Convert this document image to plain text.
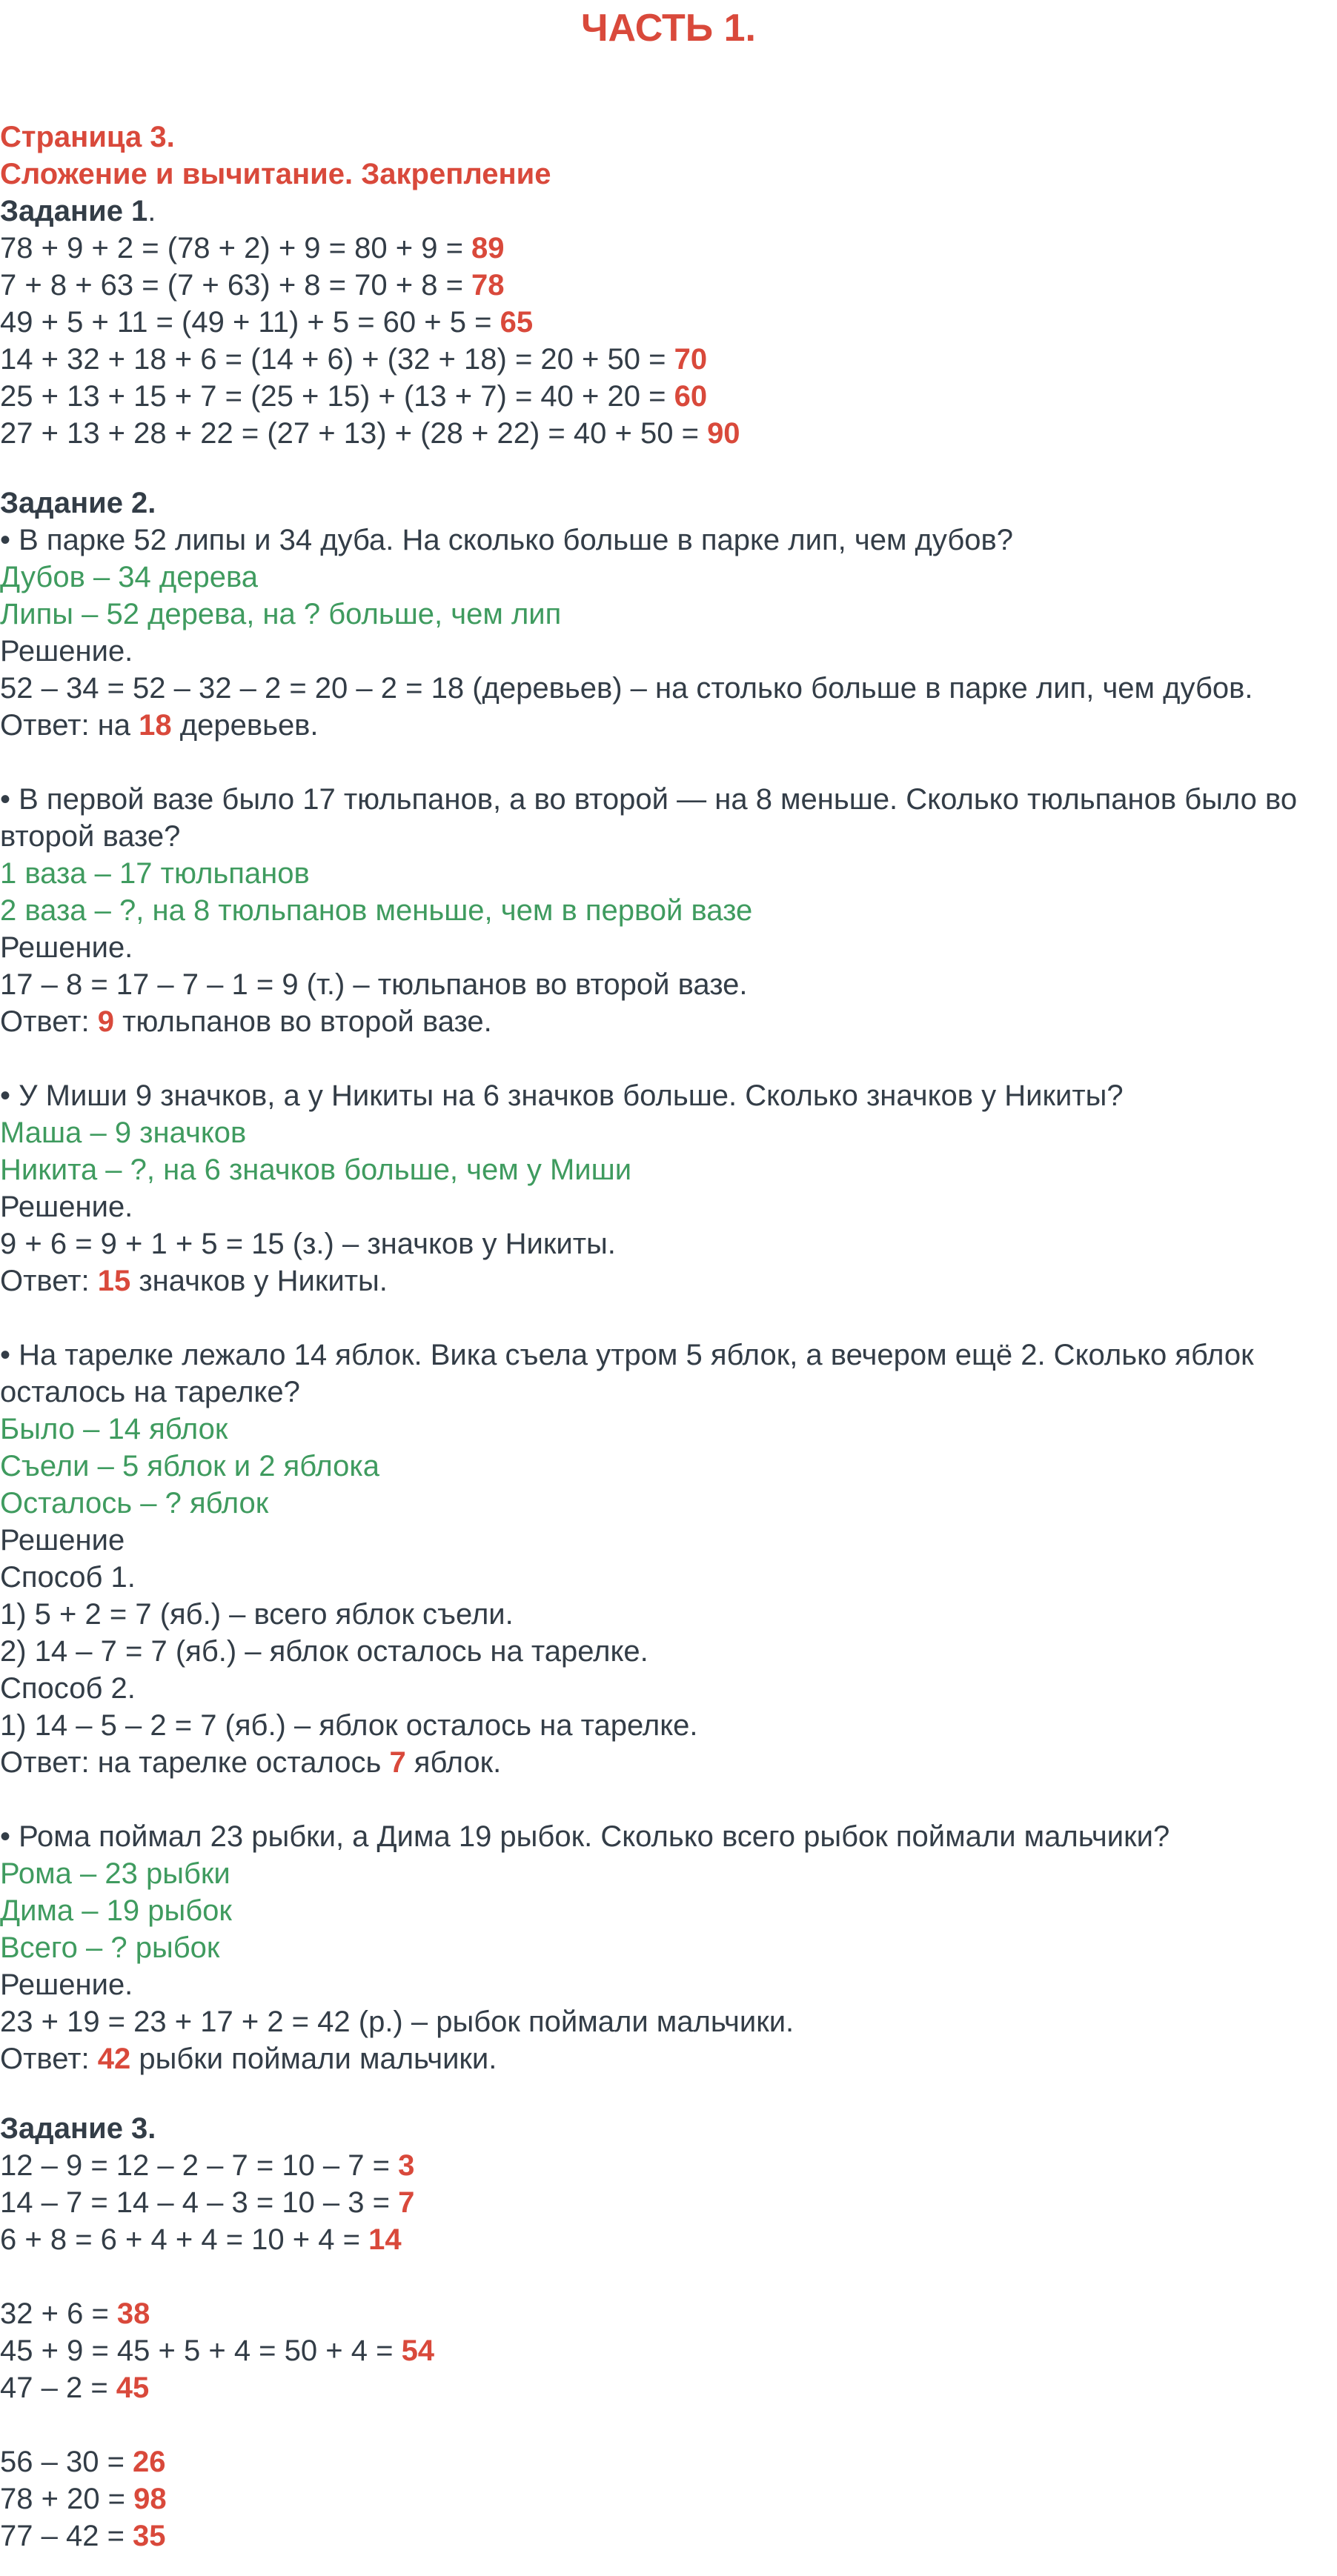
ЧАСТЬ 1.
Страница 3.
Сложение и вычитание. Закрепление
Задание 1.
78 + 9 + 2 = (78 + 2) + 9 = 80 + 9 = 89
7 + 8 + 63 = (7 + 63) + 8 = 70 + 8 = 78
49 + 5 + 11 = (49 + 11) + 5 = 60 + 5 = 65
14 + 32 + 18 + 6 = (14 + 6) + (32 + 18) = 20 + 50 = 70
25 + 13 + 15 + 7 = (25 + 15) + (13 + 7) = 40 + 20 = 60
27 + 13 + 28 + 22 = (27 + 13) + (28 + 22) = 40 + 50 = 90
Задание 2.
• В парке 52 липы и 34 дуба. На сколько больше в парке лип, чем дубов?
Дубов – 34 дерева
Липы – 52 дерева, на ? больше, чем лип
Решение.
52 – 34 = 52 – 32 – 2 = 20 – 2 = 18 (деревьев) – на столько больше в парке лип, чем дубов.
Ответ: на 18 деревьев.
• В первой вазе было 17 тюльпанов, а во второй — на 8 меньше. Сколько тюльпанов было во второй вазе?
1 ваза – 17 тюльпанов
2 ваза – ?, на 8 тюльпанов меньше, чем в первой вазе
Решение.
17 – 8 = 17 – 7 – 1 = 9 (т.) – тюльпанов во второй вазе.
Ответ: 9 тюльпанов во второй вазе.
• У Миши 9 значков, а у Никиты на 6 значков больше. Сколько значков у Никиты?
Маша – 9 значков
Никита – ?, на 6 значков больше, чем у Миши
Решение.
9 + 6 = 9 + 1 + 5 = 15 (з.) – значков у Никиты.
Ответ: 15 значков у Никиты.
• На тарелке лежало 14 яблок. Вика съела утром 5 яблок, а вечером ещё 2. Сколько яблок осталось на тарелке?
Было – 14 яблок
Съели – 5 яблок и 2 яблока
Осталось – ? яблок
Решение
Способ 1.
1) 5 + 2 = 7 (яб.) – всего яблок съели.
2) 14 – 7 = 7 (яб.) – яблок осталось на тарелке.
Способ 2.
1) 14 – 5 – 2 = 7 (яб.) – яблок осталось на тарелке.
Ответ: на тарелке осталось 7 яблок.
• Рома поймал 23 рыбки, а Дима 19 рыбок. Сколько всего рыбок поймали мальчики?
Рома – 23 рыбки
Дима – 19 рыбок
Всего – ? рыбок
Решение.
23 + 19 = 23 + 17 + 2 = 42 (р.) – рыбок поймали мальчики.
Ответ: 42 рыбки поймали мальчики.
Задание 3.
12 – 9 = 12 – 2 – 7 = 10 – 7 = 3
14 – 7 = 14 – 4 – 3 = 10 – 3 = 7
6 + 8 = 6 + 4 + 4 = 10 + 4 = 14
32 + 6 = 38
45 + 9 = 45 + 5 + 4 = 50 + 4 = 54
47 – 2 = 45
56 – 30 = 26
78 + 20 = 98
77 – 42 = 35
